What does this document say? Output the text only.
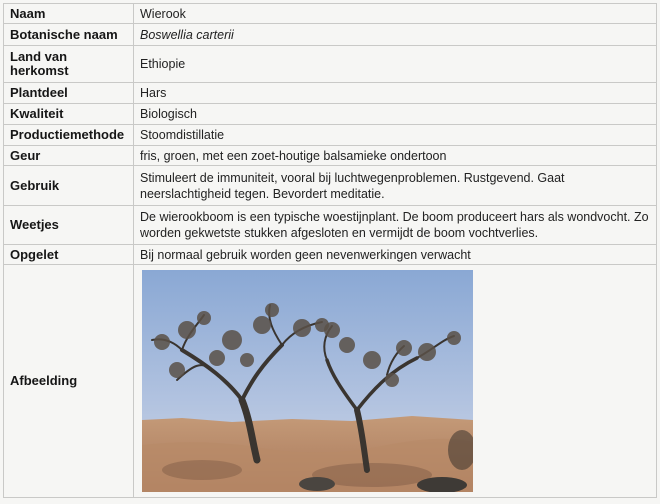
Naam	Wierook
Botanische naam	Boswellia carterii
Land van herkomst	Ethiopie
Plantdeel	Hars
Kwaliteit	Biologisch
Productiemethode	Stoomdistillatie
Geur	fris, groen, met een zoet-houtige balsamieke ondertoon
Gebruik	Stimuleert de immuniteit, vooral bij luchtwegenproblemen. Rustgevend. Gaat neerslachtigheid tegen. Bevordert meditatie.
Weetjes	De wierookboom is een typische woestijnplant. De boom produceert hars als wondvocht. Zo worden gekwetste stukken afgesloten en vermijdt de boom vochtverlies.
Opgelet	Bij normaal gebruik worden geen nevenwerkingen verwacht
Afbeelding	
